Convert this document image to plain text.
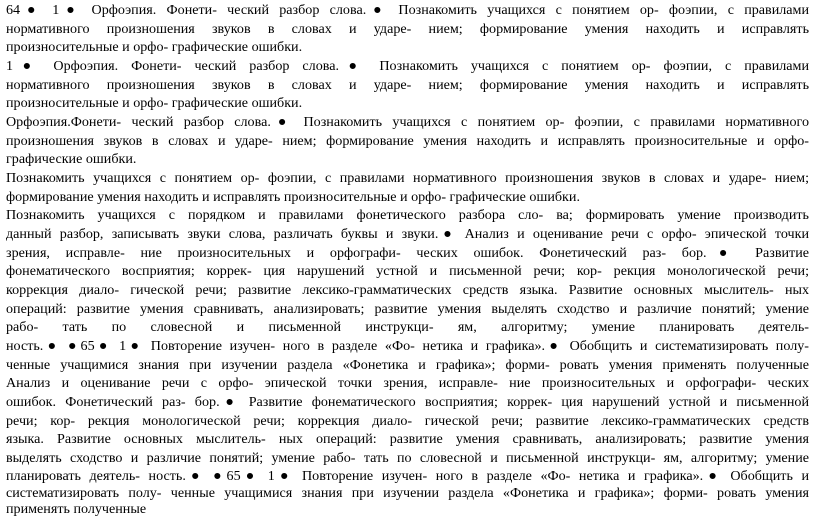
64● 1● Орфоэпия. Фонети- ческий разбор слова.● Познакомить учащихся с понятием ор- фоэпии, с правилами
нормативного произношения звуков в словах и ударе- нием; формирование умения находить и исправлять
произносительные и орфо- графические ошибки.
1● Орфоэпия. Фонети- ческий разбор слова.● Познакомить учащихся с понятием ор- фоэпии, с правилами
нормативного произношения звуков в словах и ударе- нием; формирование умения находить и исправлять
произносительные и орфо- графические ошибки.
Орфоэпия.Фонети- ческий разбор слова.● Познакомить учащихся с понятием ор- фоэпии, с правилами нормативного
произношения звуков в словах и ударе- нием; формирование умения находить и исправлять произносительные и орфо-
графические ошибки.
Познакомить учащихся с понятием ор- фоэпии, с правилами нормативного произношения звуков в словах и ударе- нием;
формирование умения находить и исправлять произносительные и орфо- графические ошибки.
Познакомить учащихся с порядком и правилами фонетического разбора сло- ва; формировать умение производить
данный разбор, записывать звуки слова, различать буквы и звуки.● Анализ и оценивание речи с орфо- эпической точки
зрения, исправле- ние произносительных и орфографи- ческих ошибок. Фонетический раз- бор.● Развитие
фонематического восприятия; коррек- ция нарушений устной и письменной речи; кор- рекция монологической речи;
коррекция диало- гической речи; развитие лексико-грамматических средств языка. Развитие основных мыслитель- ных
операций: развитие умения сравнивать, анализировать; развитие умения выделять сходство и различие понятий; умение
рабо- тать по словесной и письменной инструкци- ям, алгоритму; умение планировать деятель-
ность.● ●65● 1● Повторение изучен- ного в разделе «Фо- нетика и графика».● Обобщить и систематизировать полу-
ченные учащимися знания при изучении раздела «Фонетика и графика»; форми- ровать умения применять полученные
Анализ и оценивание речи с орфо- эпической точки зрения, исправле- ние произносительных и орфографи- ческих
ошибок. Фонетический раз- бор.● Развитие фонематического восприятия; коррек- ция нарушений устной и письменной
речи; кор- рекция монологической речи; коррекция диало- гической речи; развитие лексико-грамматических средств
языка. Развитие основных мыслитель- ных операций: развитие умения сравнивать, анализировать; развитие умения
выделять сходство и различие понятий; умение рабо- тать по словесной и письменной инструкци- ям, алгоритму; умение
планировать деятель- ность.● ●65● 1● Повторение изучен- ного в разделе «Фо- нетика и графика».● Обобщить и
систематизировать полу- ченные учащимися знания при изучении раздела «Фонетика и графика»; форми- ровать умения
применять полученные
